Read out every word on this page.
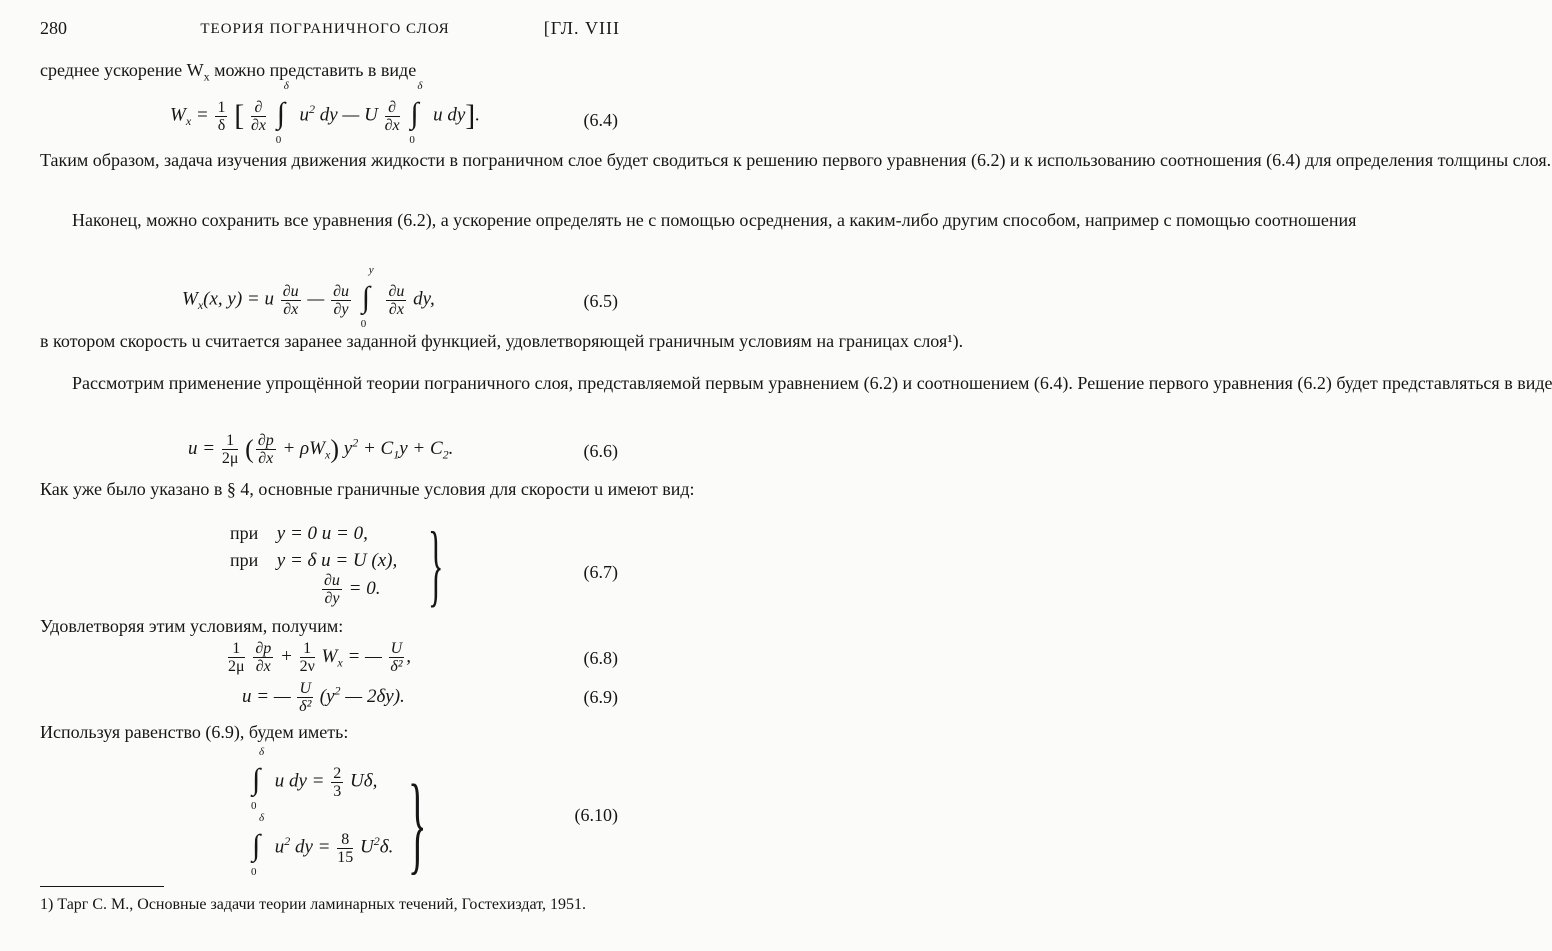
280	ТЕОРИЯ ПОГРАНИЧНОГО СЛОЯ	[ГЛ. VIII
среднее ускорение $W_x$ можно представить в виде
$W_x = \frac{1}{\delta}$ [ $\frac{\partial}{\partial x}$
∫
δ
0
$u^2$ dy — U $\frac{\partial}{\partial x}$
∫
δ
0
u dy].	(6.4)
Таким образом, задача изучения движения жидкости в пограничном слое будет сводиться к решению первого уравнения (6.2) и к использованию соотношения (6.4) для определения толщины слоя.
Наконец, можно сохранить все уравнения (6.2), а ускорение определять не с помощью осреднения, а каким-либо другим способом, например с помощью соотношения
$W_x(x$, y) = u $\frac{\partial u}{\partial x}$ — $\frac{\partial u}{\partial y}$
∫
y
0

$\frac{\partial u}{\partial x}$ dy,	(6.5)
в котором скорость u считается заранее заданной функцией, удовлетворяющей граничным условиям на границах слоя¹).
Рассмотрим применение упрощённой теории пограничного слоя, представляемой первым уравнением (6.2) и соотношением (6.4). Решение первого уравнения (6.2) будет представляться в виде
$u = \frac{1}{2\mu}$ ( $\frac{\partial p}{\partial x} + \rho W_x$) $y^2 + C_1y + C_2$.	(6.6)
Как уже было указано в § 4, основные граничные условия для скорости u имеют вид:
при y = 0 u = 0,
при y = δ u = U (x),
$\frac{\partial u}{\partial y} = 0$. }	(6.7)
Удовлетворяя этим условиям, получим:
$\frac{1}{2\mu}$
$\frac{\partial p}{\partial x} + \frac{1}{2\nu} W_x$ = — $\frac{U}{\text{δ²}}$ ,	(6.8)
u = — $\frac{U}{\text{δ²}} (y^2$ — 2δy).	(6.9)
Используя равенство (6.9), будем иметь:
∫
δ
0
u dy = $\frac{2}{3} U\delta$,
∫
δ
0
$u^2$ dy = $\frac{8}{15} U^2\delta$. }	(6.10)
1) Тарг С. М., Основные задачи теории ламинарных течений, Гостехиздат, 1951.
